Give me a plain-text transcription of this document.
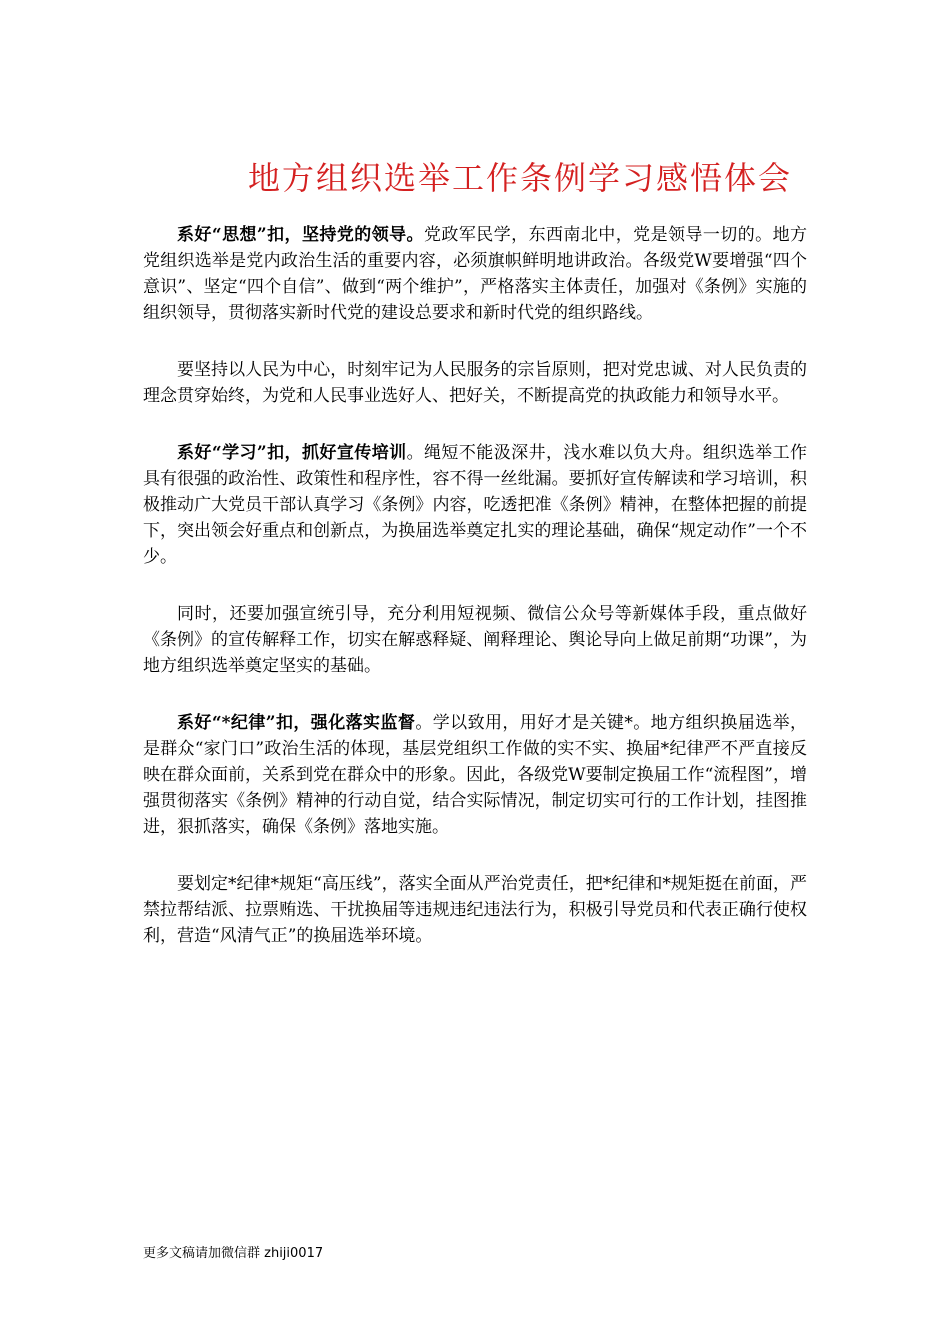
地方组织选举工作条例学习感悟体会

系好“思想”扣，坚持党的领导。党政军民学，东西南北中，党是领导一切的。地方党组织选举是党内政治生活的重要内容，必须旗帜鲜明地讲政治。各级党W要增强“四个意识”、坚定“四个自信”、做到“两个维护”，严格落实主体责任，加强对《条例》实施的组织领导，贯彻落实新时代党的建设总要求和新时代党的组织路线。

要坚持以人民为中心，时刻牢记为人民服务的宗旨原则，把对党忠诚、对人民负责的理念贯穿始终，为党和人民事业选好人、把好关，不断提高党的执政能力和领导水平。

系好“学习”扣，抓好宣传培训。绳短不能汲深井，浅水难以负大舟。组织选举工作具有很强的政治性、政策性和程序性，容不得一丝纰漏。要抓好宣传解读和学习培训，积极推动广大党员干部认真学习《条例》内容，吃透把准《条例》精神，在整体把握的前提下，突出领会好重点和创新点，为换届选举奠定扎实的理论基础，确保“规定动作”一个不少。

同时，还要加强宣统引导，充分利用短视频、微信公众号等新媒体手段，重点做好《条例》的宣传解释工作，切实在解惑释疑、阐释理论、舆论导向上做足前期“功课”，为地方组织选举奠定坚实的基础。

系好“*纪律”扣，强化落实监督。学以致用，用好才是关键*。地方组织换届选举，是群众“家门口”政治生活的体现，基层党组织工作做的实不实、换届*纪律严不严直接反映在群众面前，关系到党在群众中的形象。因此，各级党W要制定换届工作“流程图”，增强贯彻落实《条例》精神的行动自觉，结合实际情况，制定切实可行的工作计划，挂图推进，狠抓落实，确保《条例》落地实施。

要划定*纪律*规矩“高压线”，落实全面从严治党责任，把*纪律和*规矩挺在前面，严禁拉帮结派、拉票贿选、干扰换届等违规违纪违法行为，积极引导党员和代表正确行使权利，营造“风清气正”的换届选举环境。

更多文稿请加微信群 zhiji0017
